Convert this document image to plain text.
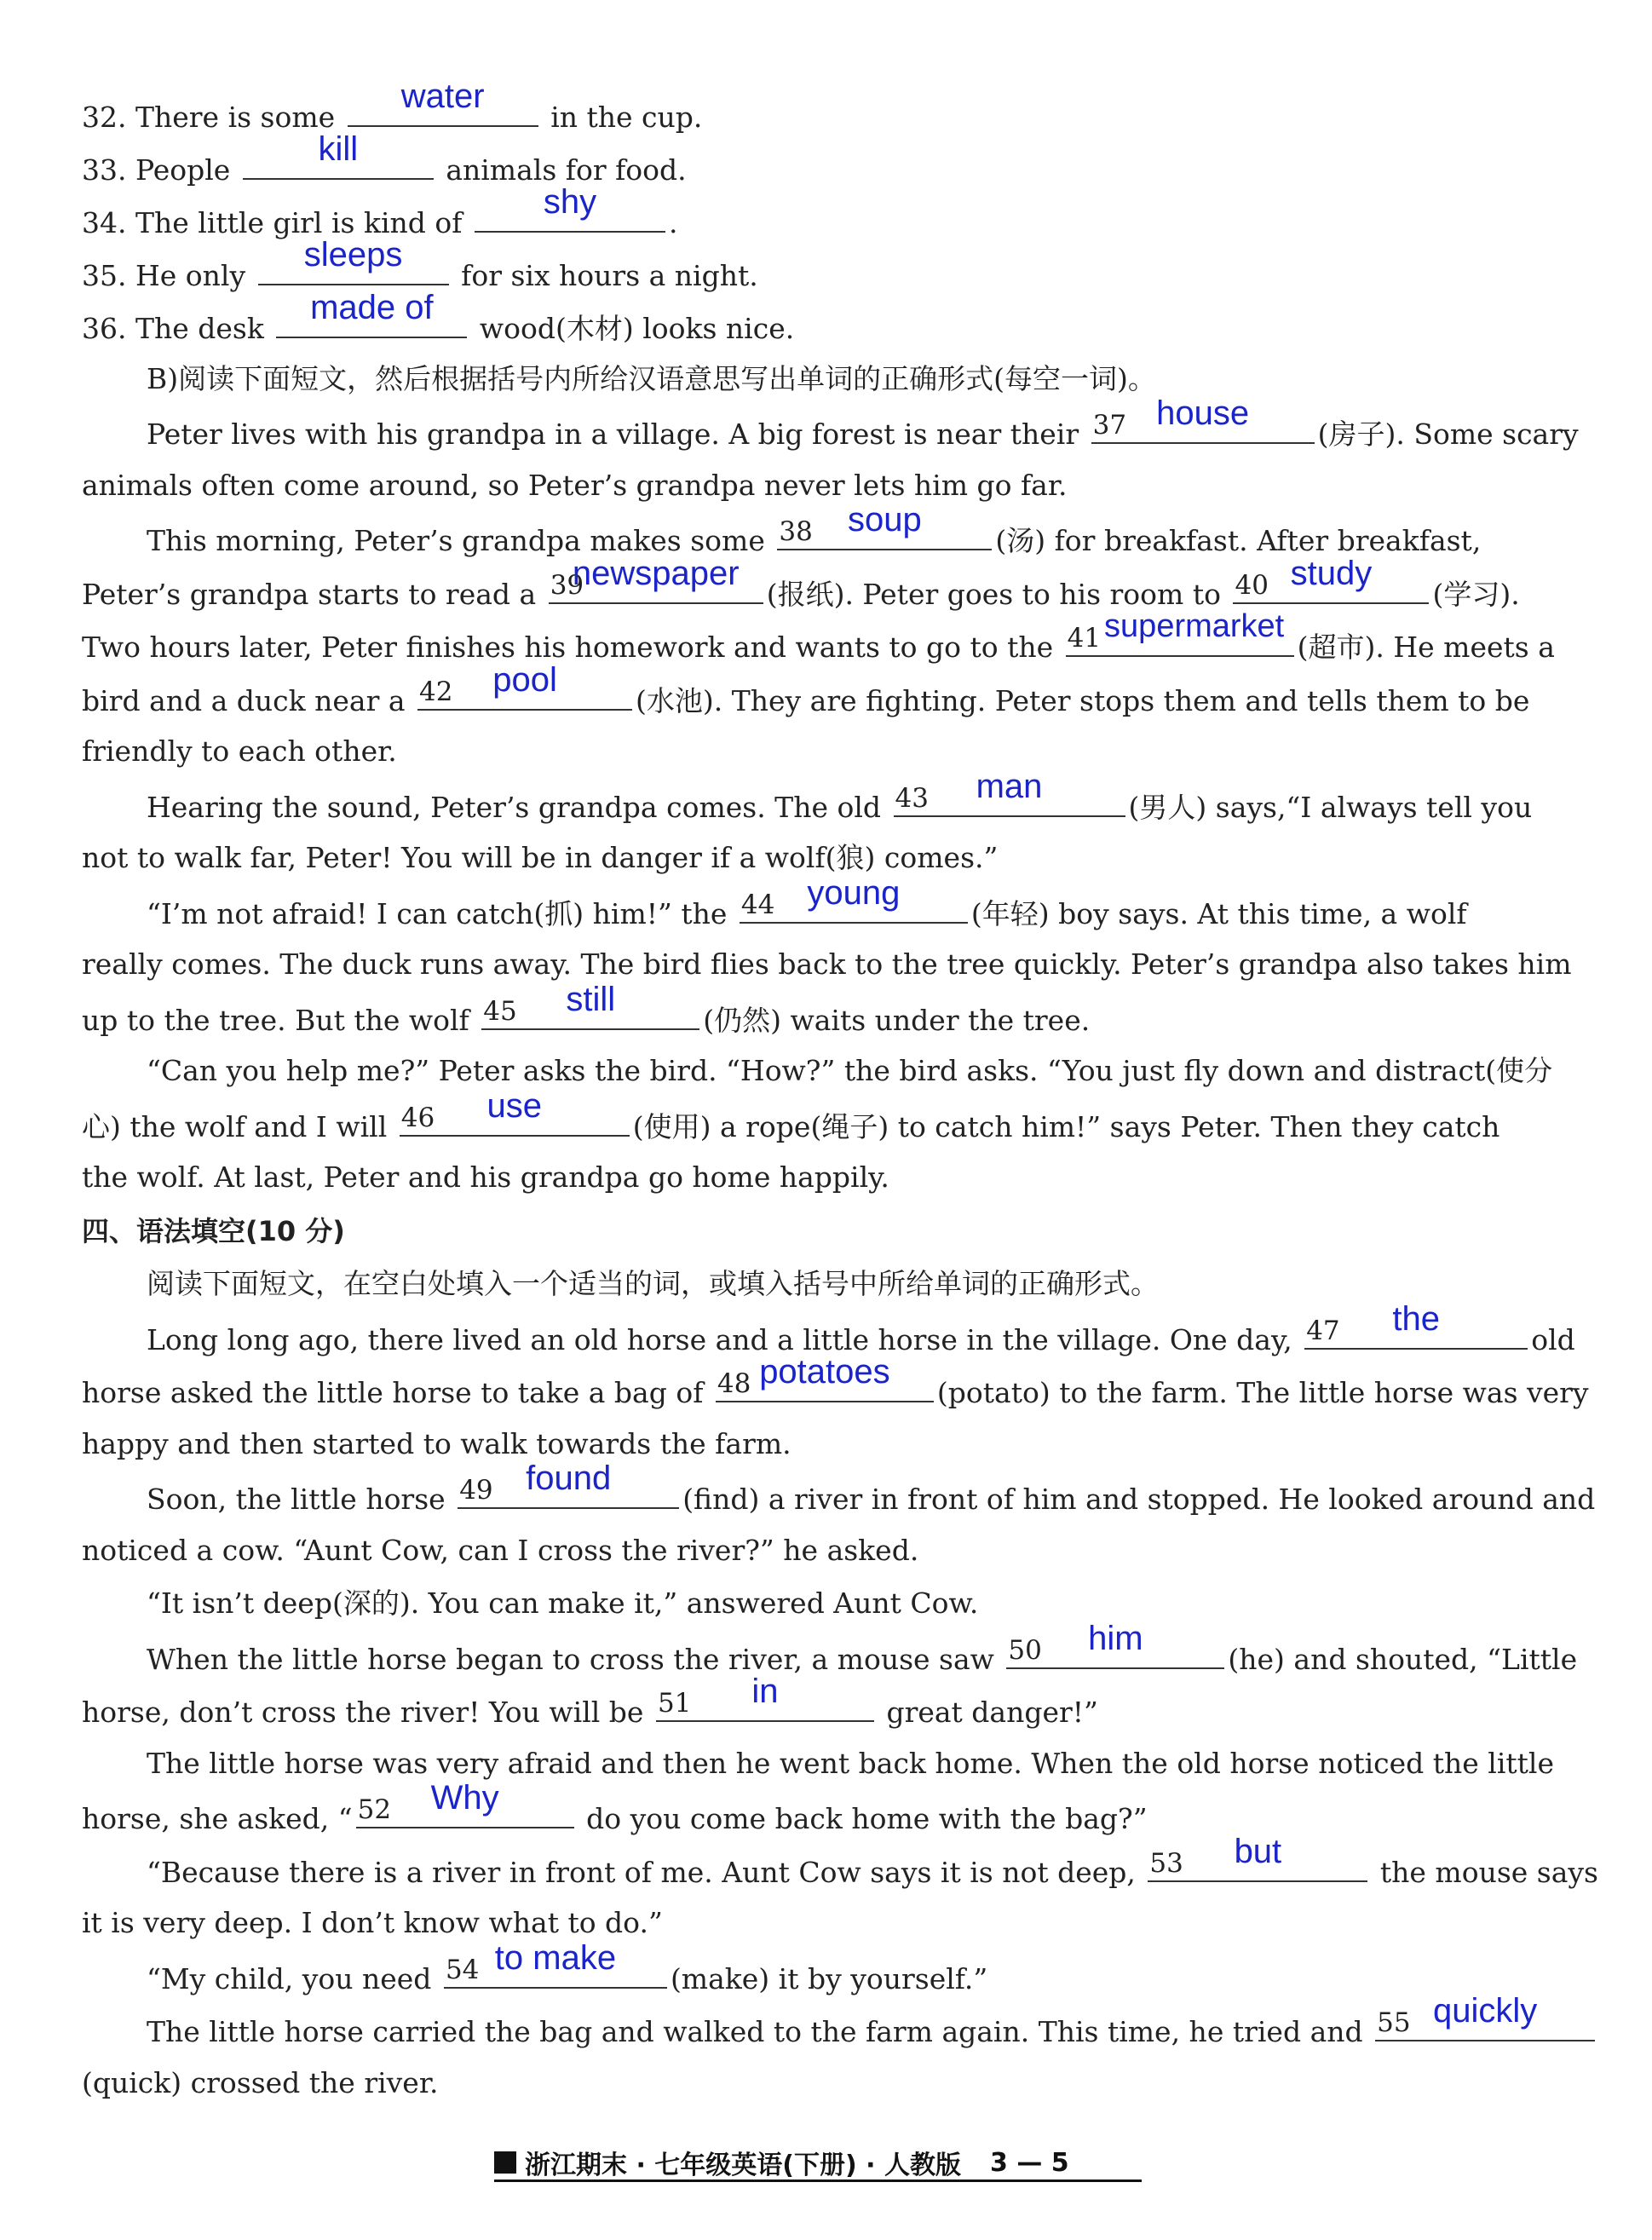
32. There is some
water
in the cup.
33. People
kill
animals for food.
34. The little girl is kind of
shy
.
35. He only
sleeps
for six hours a night.
36. The desk
made of
wood(木材) looks nice.
B)阅读下面短文，然后根据括号内所给汉语意思写出单词的正确形式(每空一词)。
Peter lives with his grandpa in a village. A big forest is near their 37 house
(房子). Some scary
animals often come around, so Peter’s grandpa never lets him go far.
This morning, Peter’s grandpa makes some 38	soup
(汤) for breakfast. After breakfast,
Peter’s grandpa starts to read a 39
newspaper
(报纸). Peter goes to his room to 40 study
(学习).
Two hours later, Peter finishes his homework and wants to go to the 41 supermarket
(超市). He meets a
bird and a duck near a 42	pool
(水池). They are fighting. Peter stops them and tells them to be
friendly to each other.
Hearing the sound, Peter’s grandpa comes. The old 43	man
(男人) says,“I always tell you
not to walk far, Peter! You will be in danger if a wolf(狼) comes.”
“I’m not afraid! I can catch(抓) him!” the 44 young
(年轻) boy says. At this time, a wolf
really comes. The duck runs away. The bird flies back to the tree quickly. Peter’s grandpa also takes him
up to the tree. But the wolf 45	still
(仍然) waits under the tree.
“Can you help me?” Peter asks the bird. “How?” the bird asks. “You just fly down and distract(使分
心) the wolf and I will 46	use
(使用) a rope(绳子) to catch him!” says Peter. Then they catch
the wolf. At last, Peter and his grandpa go home happily.
四、语法填空(10 分)
阅读下面短文，在空白处填入一个适当的词，或填入括号中所给单词的正确形式。
Long long ago, there lived an old horse and a little horse in the village. One day, 47	the
old
horse asked the little horse to take a bag of 48 potatoes
(potato) to the farm. The little horse was very
happy and then started to walk towards the farm.
Soon, the little horse 49 found
(find) a river in front of him and stopped. He looked around and
noticed a cow. “Aunt Cow, can I cross the river?” he asked.
“It isn’t deep(深的). You can make it,” answered Aunt Cow.
When the little horse began to cross the river, a mouse saw 50	him
(he) and shouted, “Little
horse, don’t cross the river! You will be 51	in
great danger!”
The little horse was very afraid and then he went back home. When the old horse noticed the little
horse, she asked, “ 52	Why
do you come back home with the bag?”
“Because there is a river in front of me. Aunt Cow says it is not deep, 53	but
the mouse says
it is very deep. I don’t know what to do.”
“My child, you need 54 to make
(make) it by yourself.”
The little horse carried the bag and walked to the farm again. This time, he tried and 55 quickly
(quick) crossed the river.
浙江期末 · 七年级英语(下册) · 人教版 3 — 5
